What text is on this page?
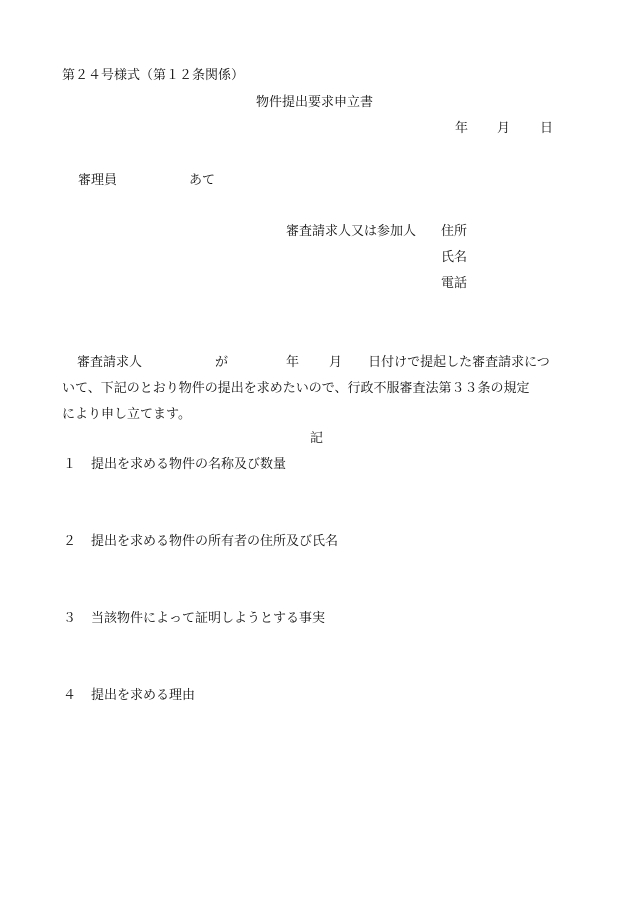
第２４号様式（第１２条関係）

物件提出要求申立書

年 月 日
審理員	あて
審査請求人又は参加人 住所
氏名
電話
審査請求人	が	年 月 日付けで提起した審査請求につ
いて、下記のとおり物件の提出を求めたいので、行政不服審査法第３３条の規定
により申し立てます。

記

１ 提出を求める物件の名称及び数量
２ 提出を求める物件の所有者の住所及び氏名
３ 当該物件によって証明しようとする事実
４ 提出を求める理由
